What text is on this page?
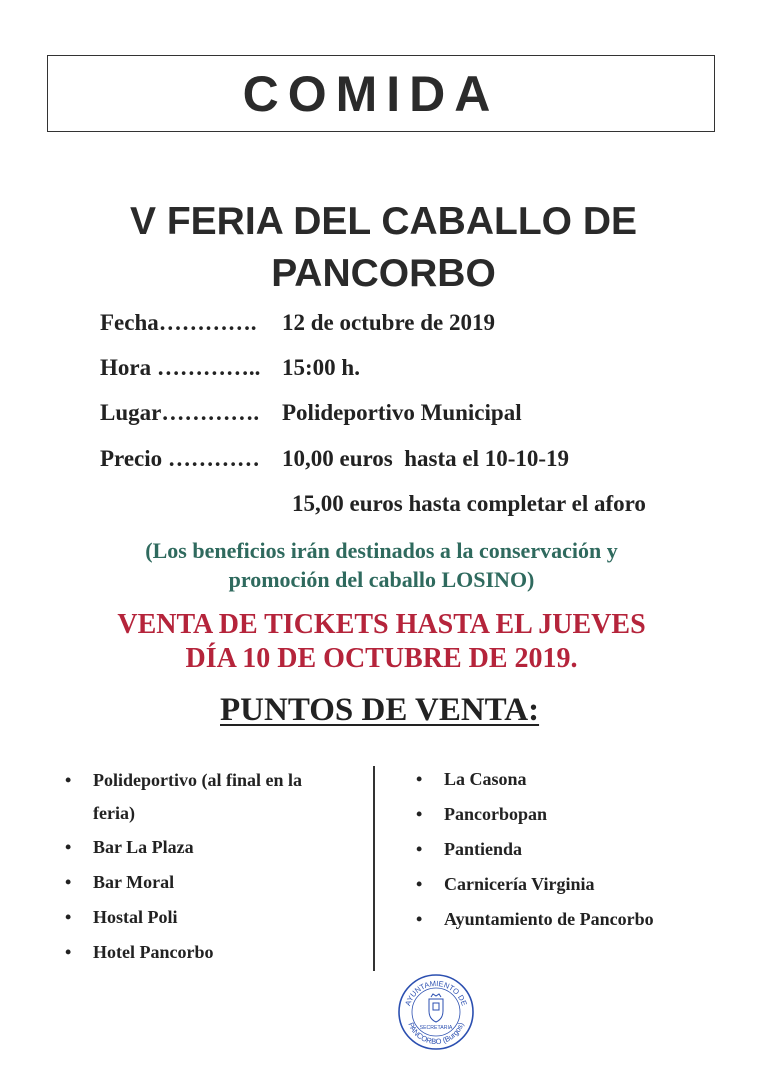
COMIDA
V FERIA DEL CABALLO DE
PANCORBO
Fecha…………. 12 de octubre de 2019
Hora ………….. 15:00 h.
Lugar…………. Polideportivo Municipal
Precio ………… 10,00 euros  hasta el 10-10-19
15,00 euros hasta completar el aforo
(Los beneficios irán destinados a la conservación y
promoción del caballo LOSINO)
VENTA DE TICKETS HASTA EL JUEVES
DÍA 10 DE OCTUBRE DE 2019.
PUNTOS DE VENTA:
• Polideportivo (al final en la feria)
• Bar La Plaza
• Bar Moral
• Hostal Poli
• Hotel Pancorbo
• La Casona
• Pancorbopan
• Pantienda
• Carnicería Virginia
• Ayuntamiento de Pancorbo
AYUNTAMIENTO DE
PANCORBO (Burgos)
SECRETARIA
